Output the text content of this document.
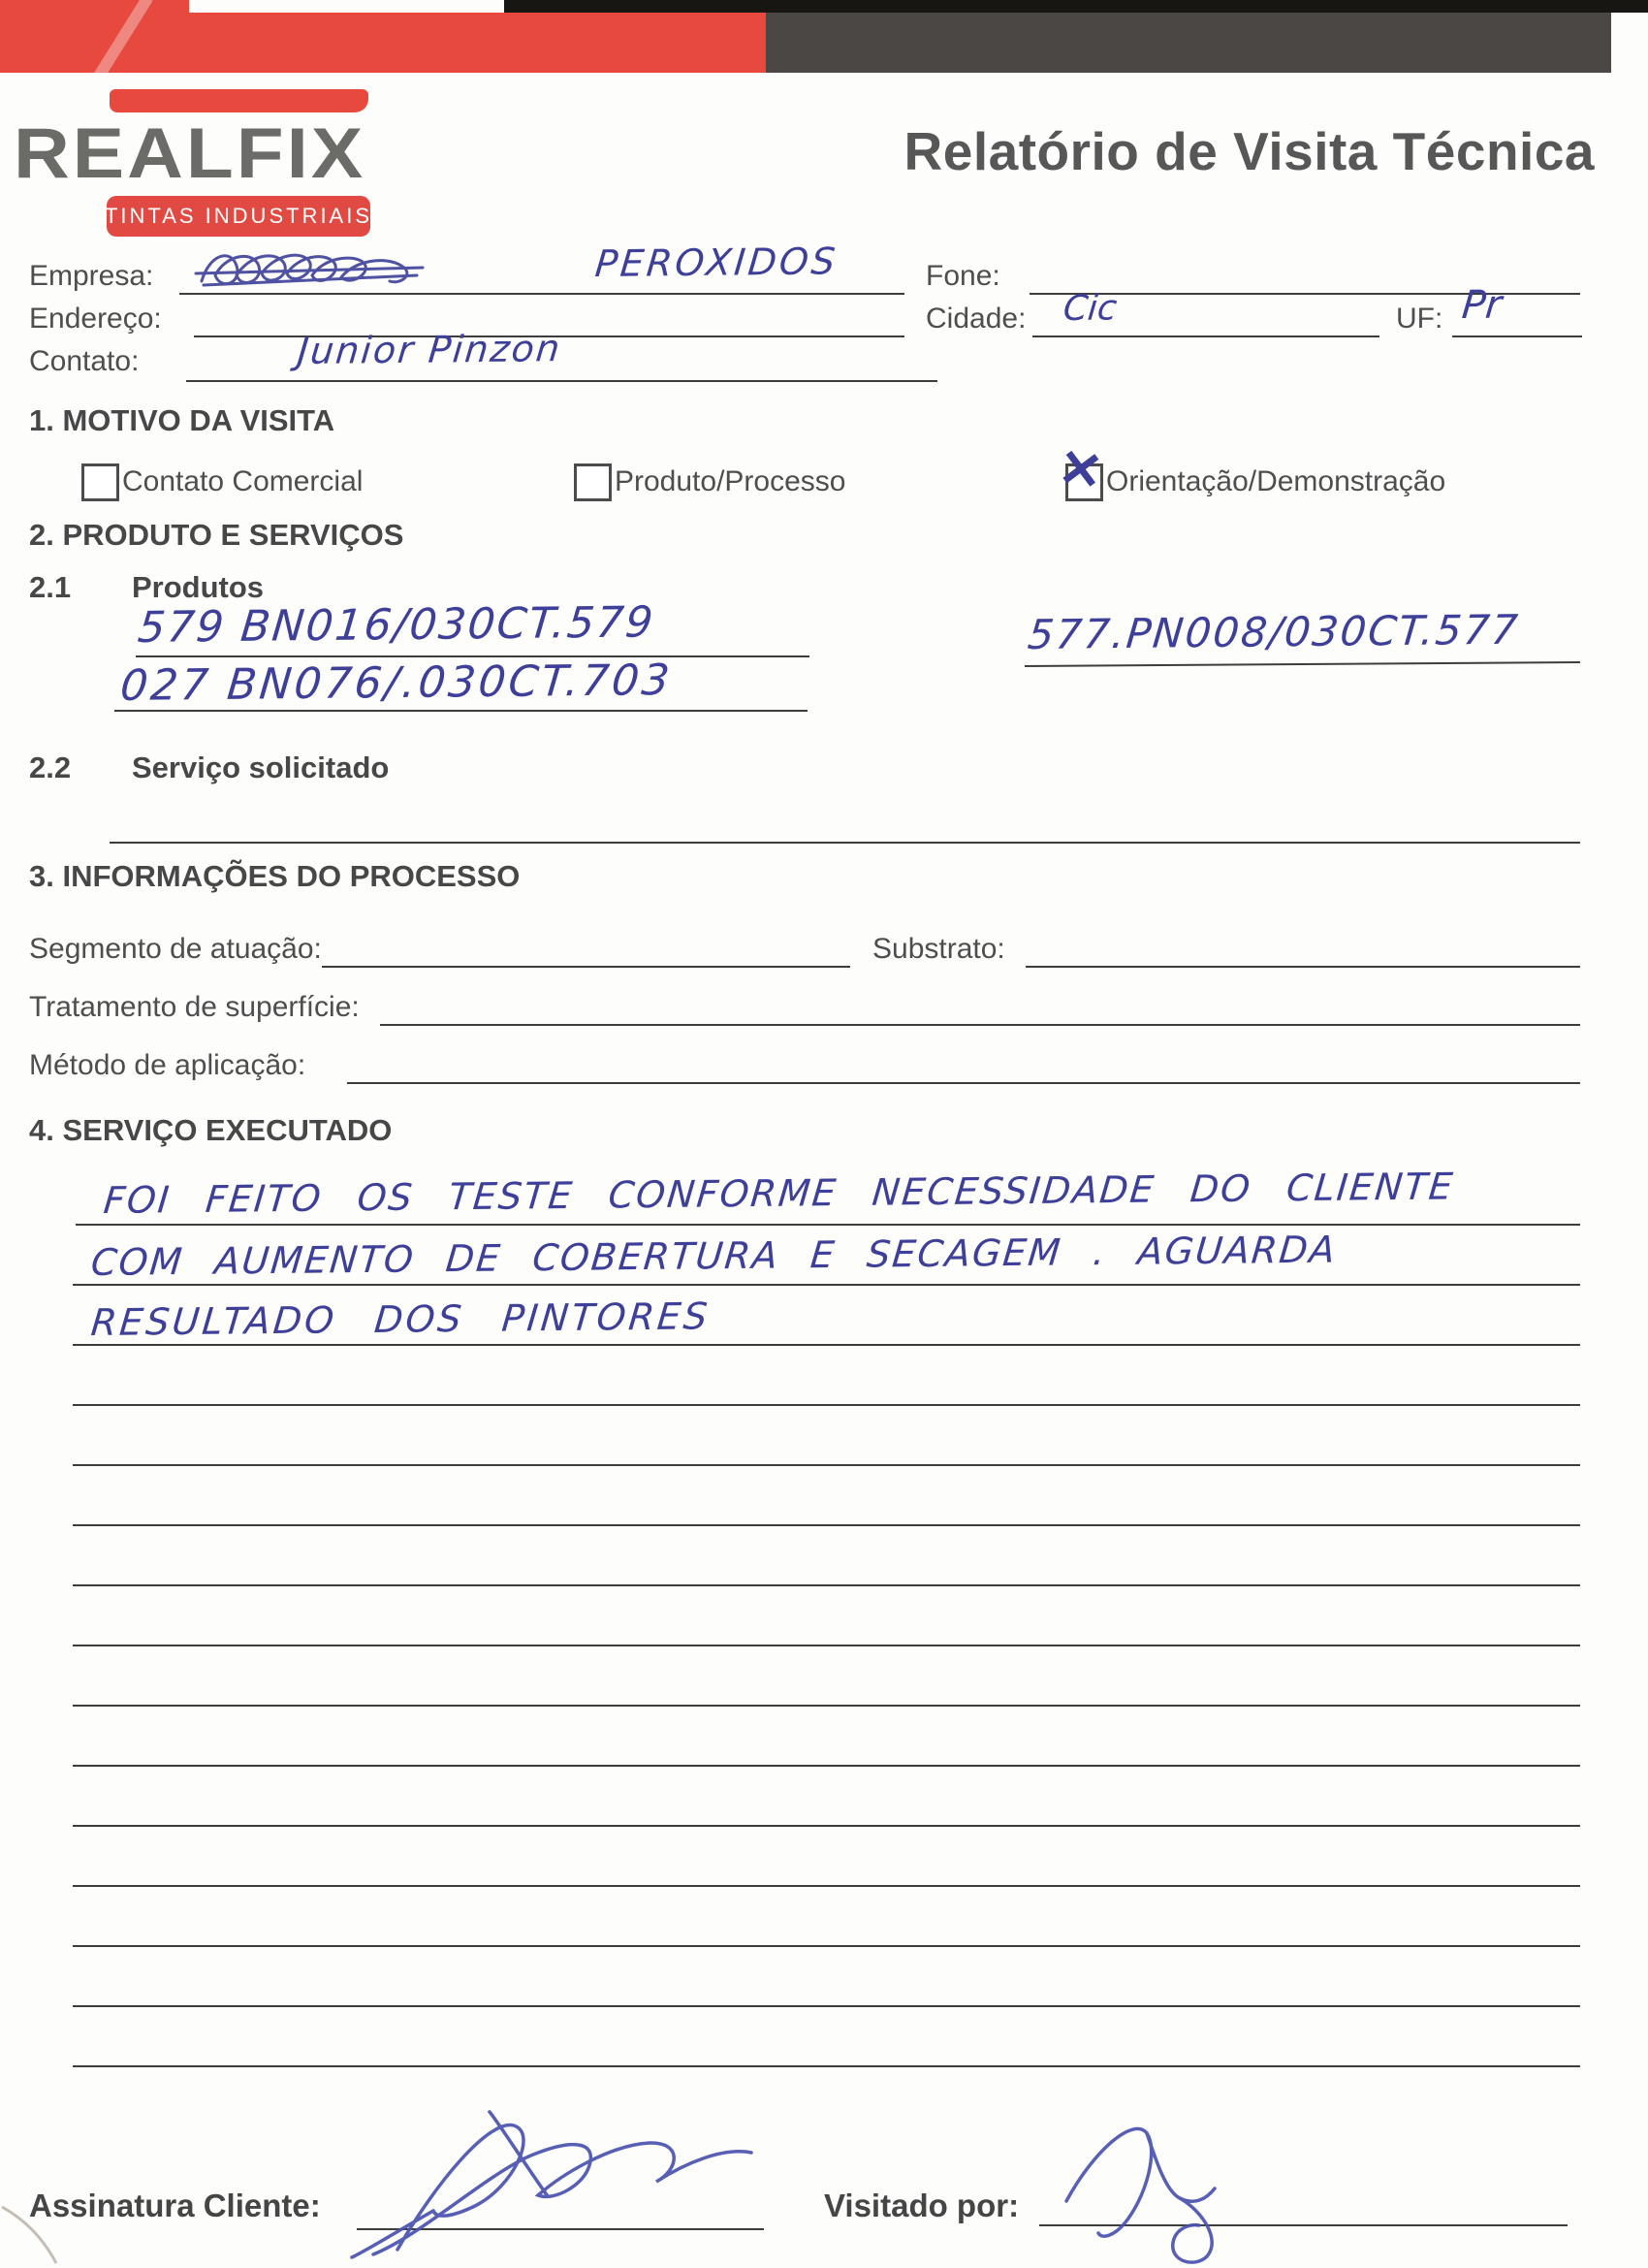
REALFIX
TINTAS INDUSTRIAIS
Relatório de Visita Técnica
Empresa:	PEROXIDOS	Fone:
Endereço:	Cidade: Cic	UF: Pr
Contato:	Junior Pinzon
1. MOTIVO DA VISITA
Contato Comercial	Produto/Processo	✕ Orientação/Demonstração
2. PRODUTO E SERVIÇOS
2.1 Produtos
579 BN016/030CT.579	577.PN008/030CT.577
027 BN076/.030CT.703
2.2 Serviço solicitado
3. INFORMAÇÕES DO PROCESSO
Segmento de atuação:	Substrato:
Tratamento de superfície:
Método de aplicação:
4. SERVIÇO EXECUTADO
FOI FEITO OS TESTE CONFORME NECESSIDADE DO CLIENTE
COM AUMENTO DE COBERTURA E SECAGEM . AGUARDA
RESULTADO DOS PINTORES
Assinatura Cliente:	Visitado por:
